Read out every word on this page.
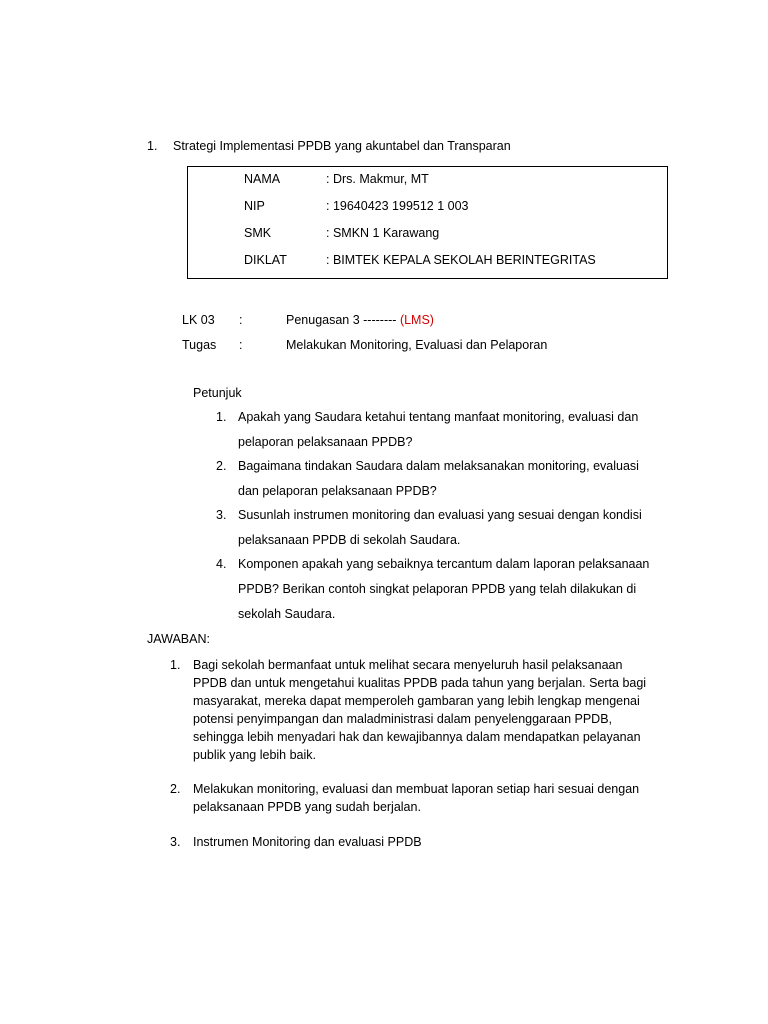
1. Strategi Implementasi PPDB yang akuntabel dan Transparan
NAMA	: Drs. Makmur, MT
NIP	: 19640423 199512 1 003
SMK	: SMKN 1 Karawang
DIKLAT	: BIMTEK KEPALA SEKOLAH BERINTEGRITAS
LK 03 :	Penugasan 3 -------- (LMS)
Tugas :	Melakukan Monitoring, Evaluasi dan Pelaporan
Petunjuk
1. Apakah yang Saudara ketahui tentang manfaat monitoring, evaluasi dan
pelaporan pelaksanaan PPDB?
2. Bagaimana tindakan Saudara dalam melaksanakan monitoring, evaluasi
dan pelaporan pelaksanaan PPDB?
3. Susunlah instrumen monitoring dan evaluasi yang sesuai dengan kondisi
pelaksanaan PPDB di sekolah Saudara.
4. Komponen apakah yang sebaiknya tercantum dalam laporan pelaksanaan
PPDB? Berikan contoh singkat pelaporan PPDB yang telah dilakukan di
sekolah Saudara.
JAWABAN:
1. Bagi sekolah bermanfaat untuk melihat secara menyeluruh hasil pelaksanaan
PPDB dan untuk mengetahui kualitas PPDB pada tahun yang berjalan. Serta bagi
masyarakat, mereka dapat memperoleh gambaran yang lebih lengkap mengenai
potensi penyimpangan dan maladministrasi dalam penyelenggaraan PPDB,
sehingga lebih menyadari hak dan kewajibannya dalam mendapatkan pelayanan
publik yang lebih baik.
2. Melakukan monitoring, evaluasi dan membuat laporan setiap hari sesuai dengan
pelaksanaan PPDB yang sudah berjalan.
3. Instrumen Monitoring dan evaluasi PPDB
